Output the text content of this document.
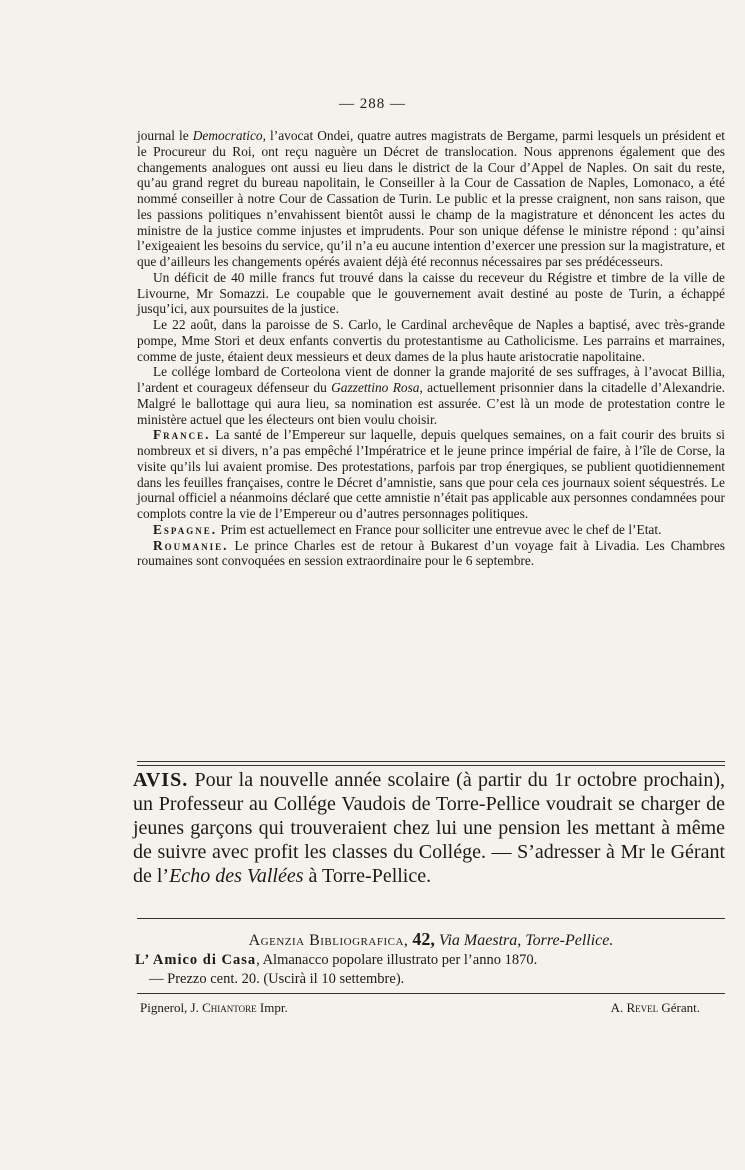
— 288 —

journal le Democratico, l’avocat Ondei, quatre autres magistrats de Bergame, parmi lesquels un président et le Procureur du Roi, ont reçu naguère un Décret de translocation. Nous apprenons également que des changements analogues ont aussi eu lieu dans le district de la Cour d’Appel de Naples. On sait du reste, qu’au grand regret du bureau napolitain, le Conseiller à la Cour de Cassation de Naples, Lomonaco, a été nommé conseiller à notre Cour de Cassation de Turin. Le public et la presse craignent, non sans raison, que les passions politiques n’envahissent bientôt aussi le champ de la magistrature et dénoncent les actes du ministre de la justice comme injustes et imprudents. Pour son unique défense le ministre répond : qu’ainsi l’exigeaient les besoins du service, qu’il n’a eu aucune intention d’exercer une pression sur la magistrature, et que d’ailleurs les changements opérés avaient déjà été reconnus nécessaires par ses prédécesseurs.

Un déficit de 40 mille francs fut trouvé dans la caisse du receveur du Régistre et timbre de la ville de Livourne, Mr Somazzi. Le coupable que le gouvernement avait destiné au poste de Turin, a échappé jusqu’ici, aux poursuites de la justice.

Le 22 août, dans la paroisse de S. Carlo, le Cardinal archevêque de Naples a baptisé, avec très-grande pompe, Mme Stori et deux enfants convertis du protestantisme au Catholicisme. Les parrains et marraines, comme de juste, étaient deux messieurs et deux dames de la plus haute aristocratie napolitaine.

Le collége lombard de Corteolona vient de donner la grande majorité de ses suffrages, à l’avocat Billia, l’ardent et courageux défenseur du Gazzettino Rosa, actuellement prisonnier dans la citadelle d’Alexandrie. Malgré le ballottage qui aura lieu, sa nomination est assurée. C’est là un mode de protestation contre le ministère actuel que les électeurs ont bien voulu choisir.

France. La santé de l’Empereur sur laquelle, depuis quelques semaines, on a fait courir des bruits si nombreux et si divers, n’a pas empêché l’Impératrice et le jeune prince impérial de faire, à l’île de Corse, la visite qu’ils lui avaient promise. Des protestations, parfois par trop énergiques, se publient quotidiennement dans les feuilles françaises, contre le Décret d’amnistie, sans que pour cela ces journaux soient séquestrés. Le journal officiel a néanmoins déclaré que cette amnistie n’était pas applicable aux personnes condamnées pour complots contre la vie de l’Empereur ou d’autres personnages politiques.

Espagne. Prim est actuellemect en France pour solliciter une entrevue avec le chef de l’Etat.

Roumanie. Le prince Charles est de retour à Bukarest d’un voyage fait à Livadia. Les Chambres roumaines sont convoquées en session extraordinaire pour le 6 septembre.

AVIS. Pour la nouvelle année scolaire (à partir du 1r octobre prochain), un Professeur au Collége Vaudois de Torre-Pellice voudrait se charger de jeunes garçons qui trouveraient chez lui une pension les mettant à même de suivre avec profit les classes du Collége. — S’adresser à Mr le Gérant de l’Echo des Vallées à Torre-Pellice.
Agenzia Bibliografica, 42, Via Maestra, Torre-Pellice.
L’ Amico di Casa, Almanacco popolare illustrato per l’anno 1870.
— Prezzo cent. 20. (Uscirà il 10 settembre).
Pignerol, J. Chiantore Impr.	A. Revel Gérant.
